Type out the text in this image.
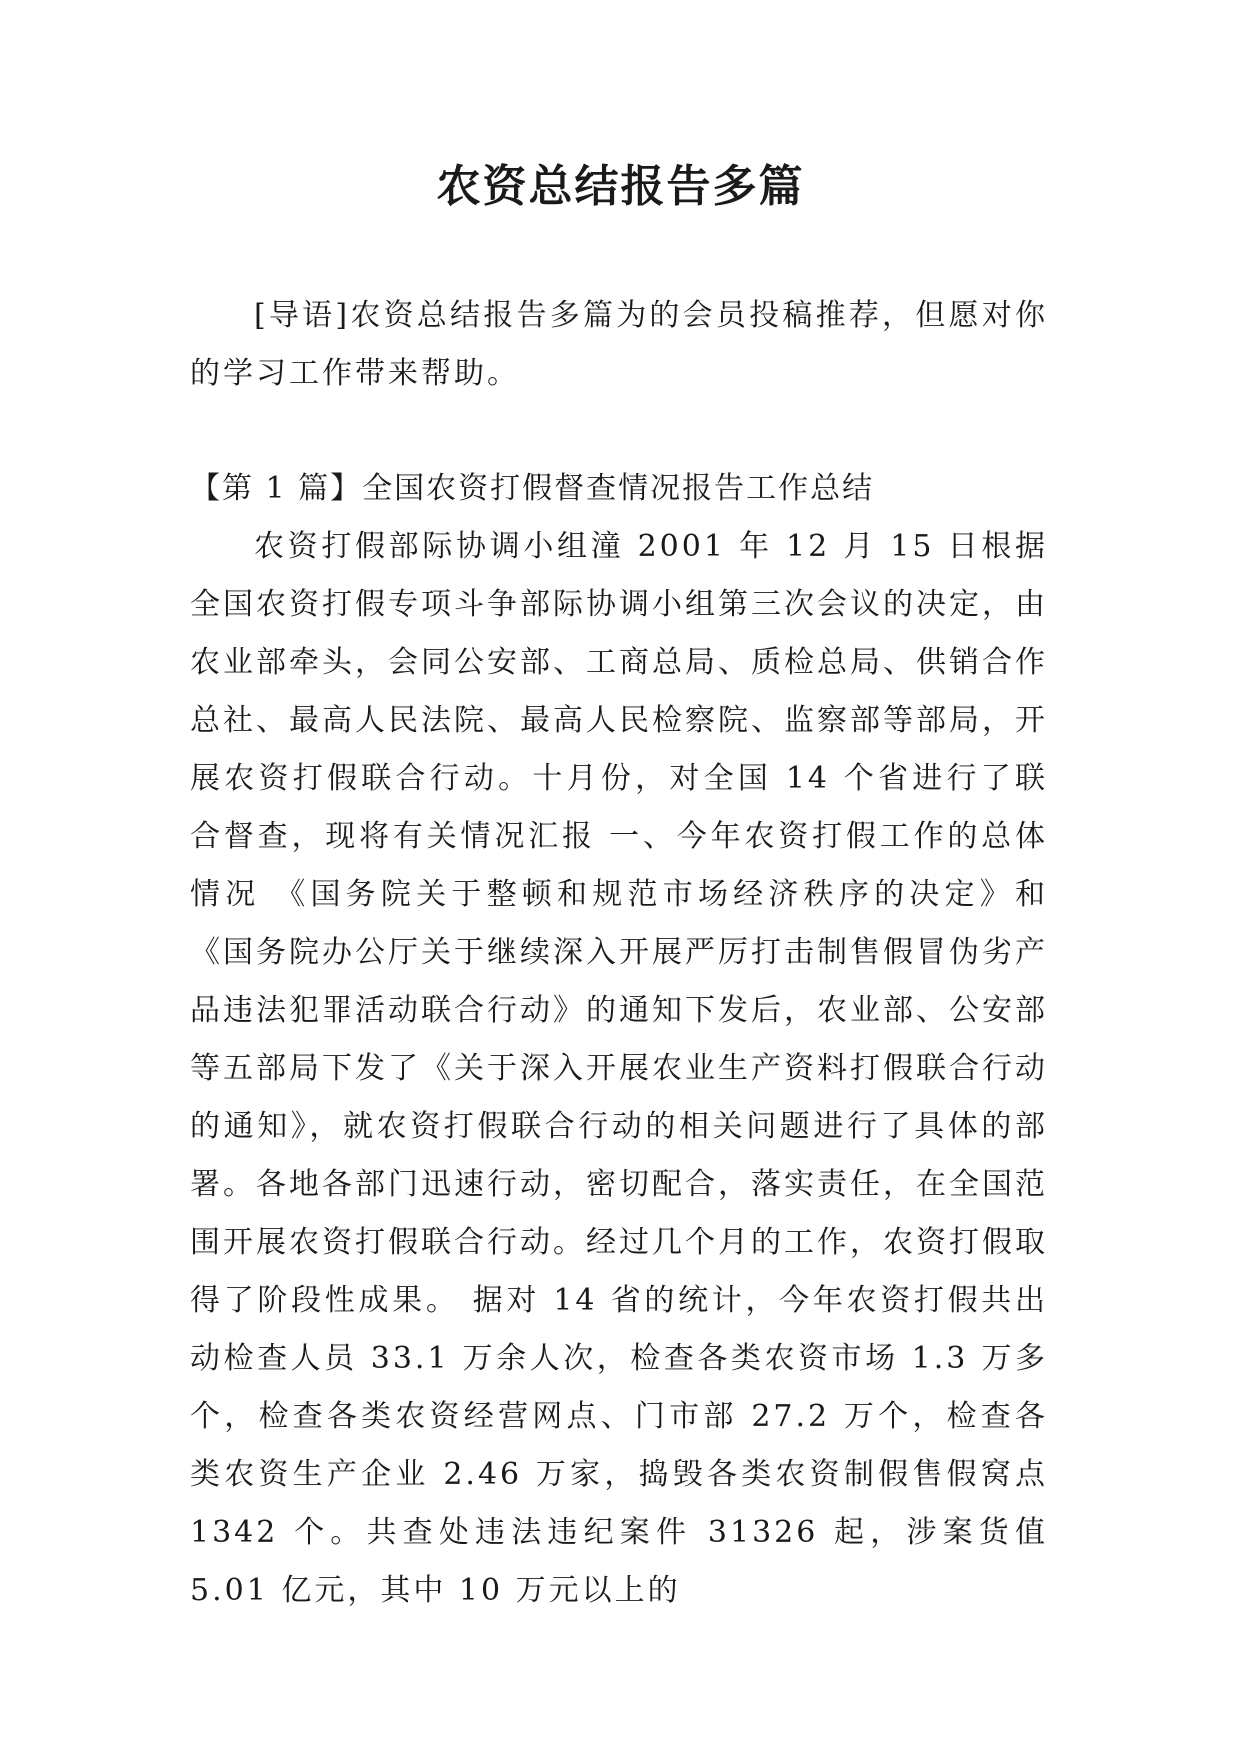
农资总结报告多篇

[导语]农资总结报告多篇为的会员投稿推荐，但愿对你的学习工作带来帮助。

【第 1 篇】全国农资打假督查情况报告工作总结

农资打假部际协调小组潼 2001 年 12 月 15 日根据全国农资打假专项斗争部际协调小组第三次会议的决定，由农业部牵头，会同公安部、工商总局、质检总局、供销合作总社、最高人民法院、最高人民检察院、监察部等部局，开展农资打假联合行动。十月份，对全国 14 个省进行了联合督查，现将有关情况汇报 一、今年农资打假工作的总体情况 《国务院关于整顿和规范市场经济秩序的决定》和《国务院办公厅关于继续深入开展严厉打击制售假冒伪劣产品违法犯罪活动联合行动》的通知下发后，农业部、公安部等五部局下发了《关于深入开展农业生产资料打假联合行动的通知》，就农资打假联合行动的相关问题进行了具体的部署。各地各部门迅速行动，密切配合，落实责任，在全国范围开展农资打假联合行动。经过几个月的工作，农资打假取得了阶段性成果。 据对 14 省的统计，今年农资打假共出动检查人员 33.1 万余人次，检查各类农资市场 1.3 万多个，检查各类农资经营网点、门市部 27.2 万个，检查各类农资生产企业 2.46 万家，捣毁各类农资制假售假窝点 1342 个。共查处违法违纪案件 31326 起，涉案货值 5.01 亿元，其中 10 万元以上的
